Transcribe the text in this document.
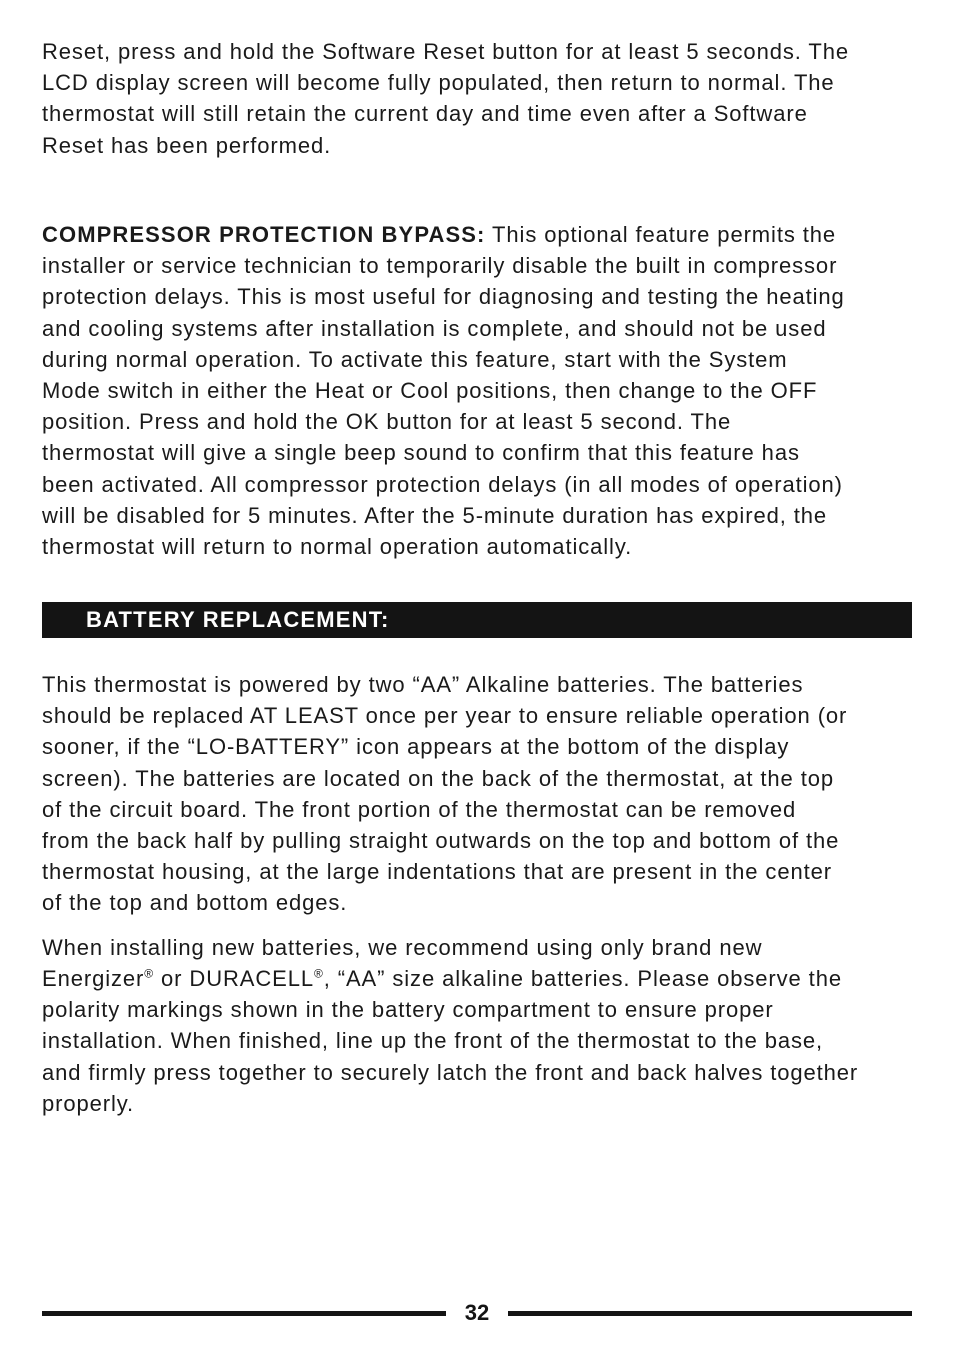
Reset, press and hold the Software Reset button for at least 5 seconds. The
LCD display screen will become fully populated, then return to normal. The
thermostat will still retain the current day and time even after a Software
Reset has been performed.
COMPRESSOR PROTECTION BYPASS: This optional feature permits the
installer or service technician to temporarily disable the built in compressor
protection delays. This is most useful for diagnosing and testing the heating
and cooling systems after installation is complete, and should not be used
during normal operation. To activate this feature, start with the System
Mode switch in either the Heat or Cool positions, then change to the OFF
position. Press and hold the OK button for at least 5 second. The
thermostat will give a single beep sound to confirm that this feature has
been activated. All compressor protection delays (in all modes of operation)
will be disabled for 5 minutes. After the 5-minute duration has expired, the
thermostat will return to normal operation automatically.
BATTERY REPLACEMENT:
This thermostat is powered by two “AA” Alkaline batteries. The batteries
should be replaced AT LEAST once per year to ensure reliable operation (or
sooner, if the “LO-BATTERY” icon appears at the bottom of the display
screen). The batteries are located on the back of the thermostat, at the top
of the circuit board. The front portion of the thermostat can be removed
from the back half by pulling straight outwards on the top and bottom of the
thermostat housing, at the large indentations that are present in the center
of the top and bottom edges.
When installing new batteries, we recommend using only brand new
Energizer® or DURACELL®, “AA” size alkaline batteries. Please observe the
polarity markings shown in the battery compartment to ensure proper
installation. When finished, line up the front of the thermostat to the base,
and firmly press together to securely latch the front and back halves together
properly.
32
